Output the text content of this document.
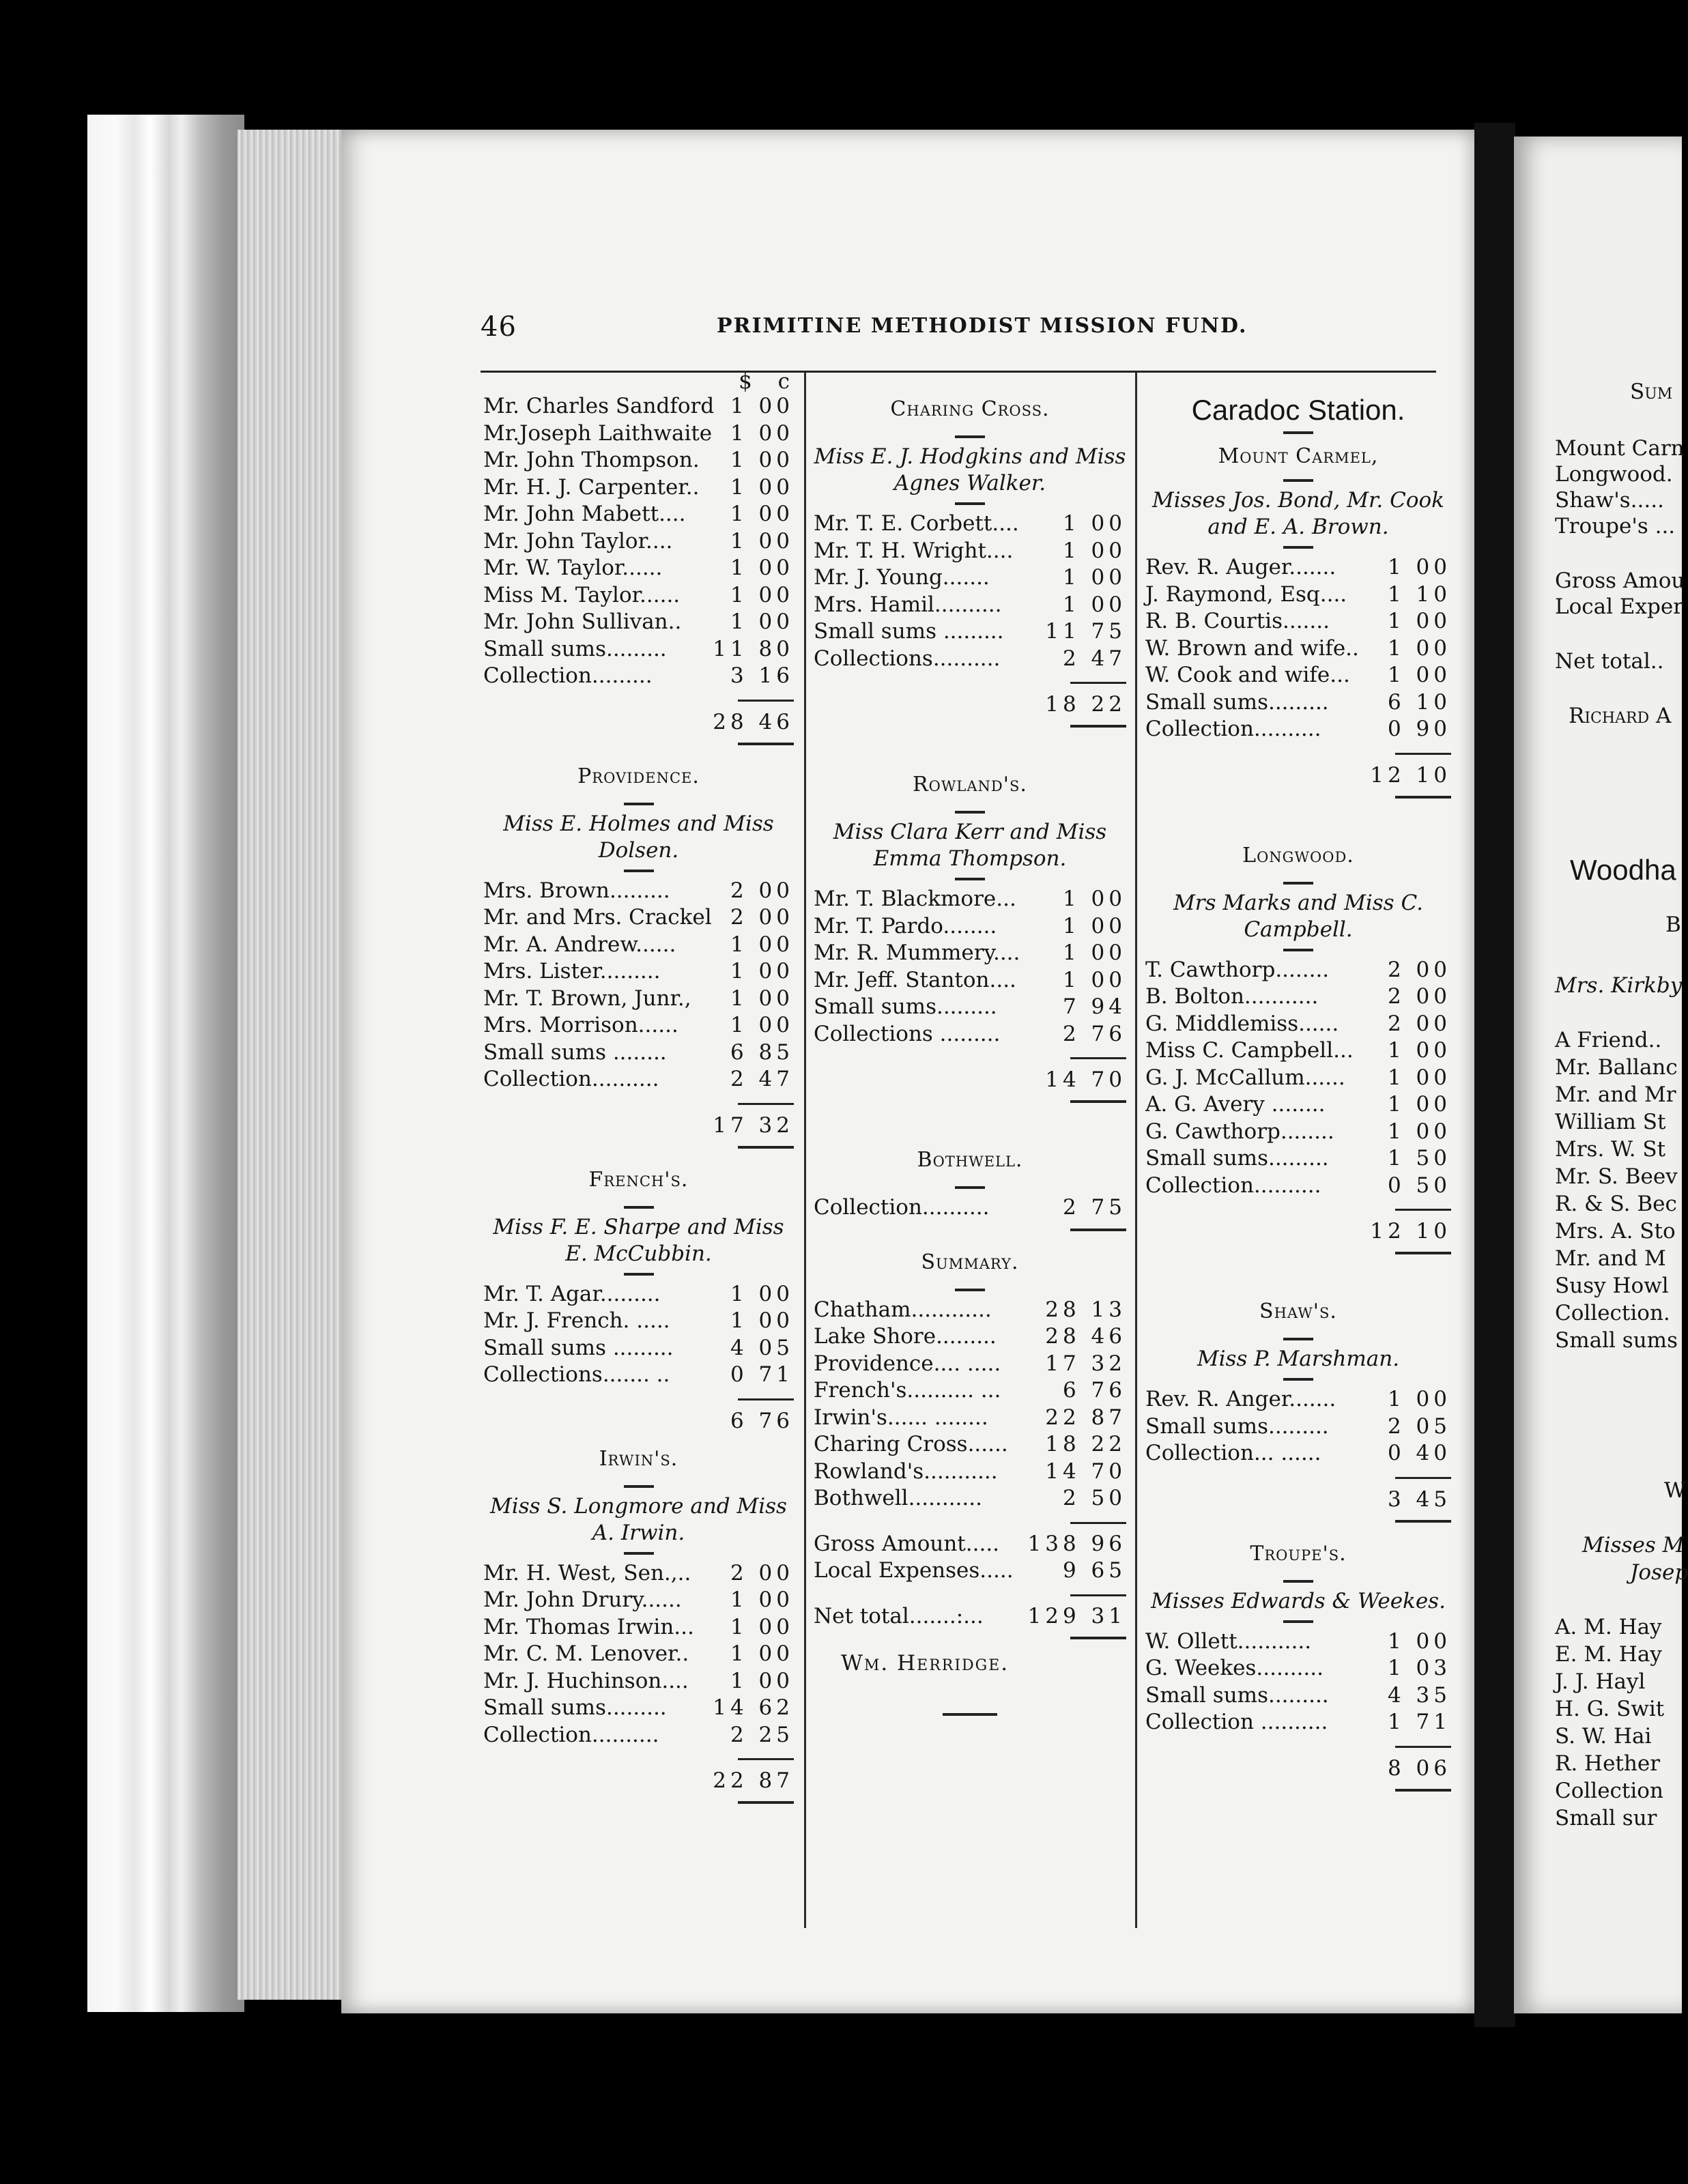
46	PRIMITINE METHODIST MISSION FUND.
$ c
Mr. Charles Sandford 1 00
Mr.Joseph Laithwaite 1 00
Mr. John Thompson. 1 00
Mr. H. J. Carpenter.. 1 00
Mr. John Mabett.... 1 00
Mr. John Taylor....	1 00
Mr. W. Taylor......	1 00
Miss M. Taylor...... 1 00
Mr. John Sullivan.. 1 00
Small sums......... 11 80
Collection.........	3 16
28 46
Providence.
Miss E. Holmes and Miss Dolsen.
Mrs. Brown.........	2 00
Mr. and Mrs. Crackel 2 00
Mr. A. Andrew......	1 00
Mrs. Lister.........	1 00
Mr. T. Brown, Junr., 1 00
Mrs. Morrison...... 1 00
Small sums ........	6 85
Collection..........	2 47
17 32
French's.
Miss F. E. Sharpe and Miss E. McCubbin.
Mr. T. Agar.........	1 00
Mr. J. French. .....	1 00
Small sums .........	4 05
Collections....... ..	0 71
6 76
Irwin's.
Miss S. Longmore and Miss A. Irwin.
Mr. H. West, Sen.,.. 2 00
Mr. John Drury...... 1 00
Mr. Thomas Irwin... 1 00
Mr. C. M. Lenover.. 1 00
Mr. J. Huchinson.... 1 00
Small sums......... 14 62
Collection..........	2 25
22 87
Charing Cross.
Miss E. J. Hodgkins and Miss Agnes Walker.
Mr. T. E. Corbett.... 1 00
Mr. T. H. Wright.... 1 00
Mr. J. Young.......	1 00
Mrs. Hamil..........	1 00
Small sums ......... 11 75
Collections..........	2 47
18 22
Rowland's.
Miss Clara Kerr and Miss Emma Thompson.
Mr. T. Blackmore... 1 00
Mr. T. Pardo........	1 00
Mr. R. Mummery.... 1 00
Mr. Jeff. Stanton.... 1 00
Small sums.........	7 94
Collections .........	2 76
14 70
Bothwell.
Collection..........	2 75
Summary.
Chatham............	28 13
Lake Shore......... 28 46
Providence.... ..... 17 32
French's.......... ...	6 76
Irwin's...... ........	22 87
Charing Cross...... 18 22
Rowland's........... 14 70
Bothwell...........	2 50
Gross Amount..... 138 96
Local Expenses..... 9 65
Net total.......:... 129 31
Wm. Herridge.
Caradoc Station.
Mount Carmel,
Misses Jos. Bond, Mr. Cook and E. A. Brown.
Rev. R. Auger....... 1 00
J. Raymond, Esq.... 1 10
R. B. Courtis.......	1 00
W. Brown and wife.. 1 00
W. Cook and wife... 1 00
Small sums.........	6 10
Collection..........	0 90
12 10
Longwood.
Mrs Marks and Miss C. Campbell.
T. Cawthorp........	2 00
B. Bolton...........	2 00
G. Middlemiss...... 2 00
Miss C. Campbell... 1 00
G. J. McCallum...... 1 00
A. G. Avery ........	1 00
G. Cawthorp........	1 00
Small sums.........	1 50
Collection..........	0 50
12 10
Shaw's.
Miss P. Marshman.
Rev. R. Anger....... 1 00
Small sums.........	2 05
Collection... ......	0 40
3 45
Troupe's.
Misses Edwards & Weekes.
W. Ollett...........	1 00
G. Weekes..........	1 03
Small sums.........	4 35
Collection ..........	1 71
8 06
Sum
Mount Carn
Longwood.
Shaw's.....
Troupe's ...
Gross Amou
Local Exper
Net total..
Richard A
Woodha
B
Mrs. Kirkby
A Friend..
Mr. Ballanc
Mr. and Mr
William St
Mrs. W. St
Mr. S. Beev
R. & S. Bec
Mrs. A. Sto
Mr. and M
Susy Howl
Collection.
Small sums
W
Misses M
Josep
A. M. Hay
E. M. Hay
J. J. Hayl
H. G. Swit
S. W. Hai
R. Hether
Collection
Small sur
